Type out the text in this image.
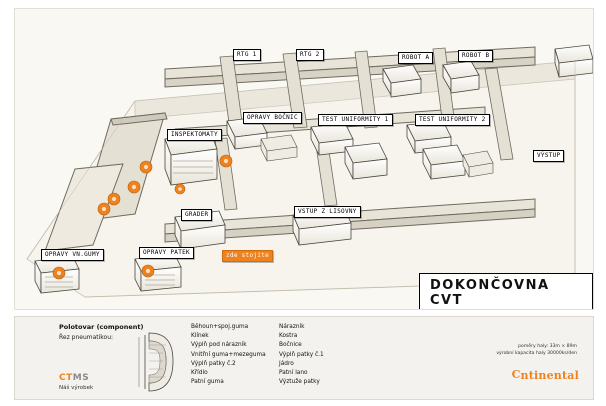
RTG 1	RTG 2	ROBOT A	ROBOT B
OPRAVY BOČNIC	TEST UNIFORMITY 1	TEST UNIFORMITY 2
INSPEKTOMATY
VÝSTUP
GRADER	VSTUP Z LISOVNY
OPRAVY VN.GUMY	OPRAVY PATEK	zde stojíte
DOKONČOVNA CVT
Polotovar (component)
Řez pneumatikou:
Běhoun+spoj.guma
Klínek
Výplň pod nárazník
Vnitřní guma+mezeguma
Výplň patky č.2
Křídlo
Patní guma
Nárazník
Kostra
Bočnice
Výplň patky č.1
Jádro
Patní lano
Výztuže patky
CTMS
Náš výrobek
poměry haly: 33m × 89m
výrobní kapacita haly 30000ks/den
Cntinental
